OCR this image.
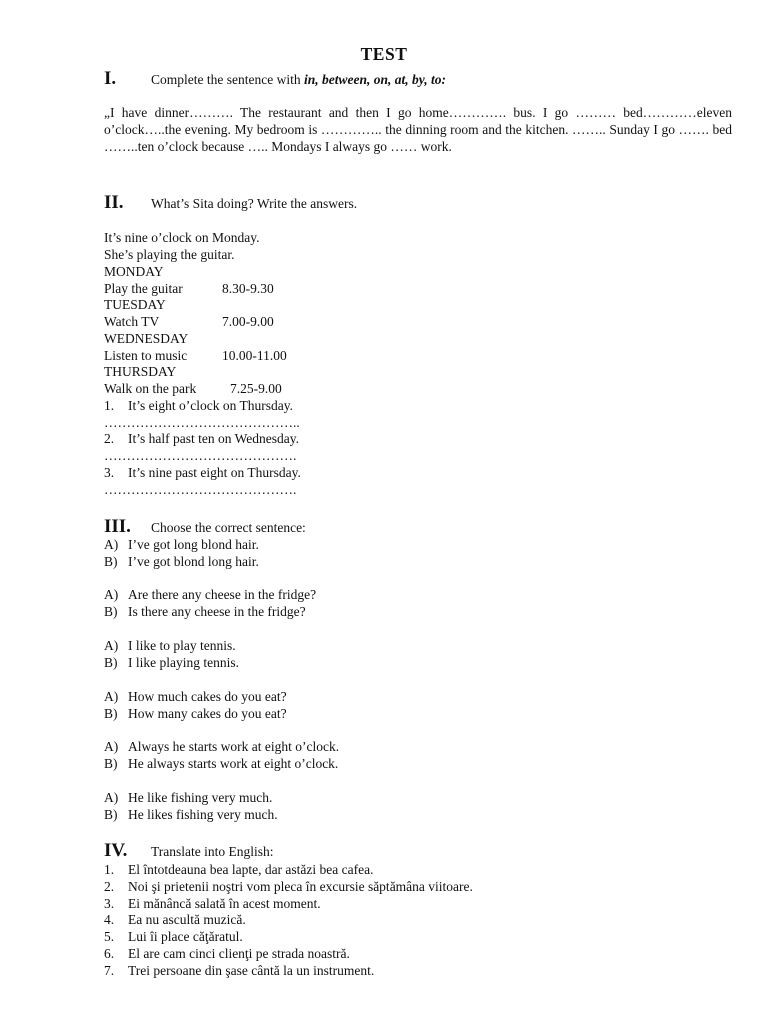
TEST
I.	Complete the sentence with in, between, on, at, by, to:
„I have dinner………. The restaurant and then I go home…………. bus. I go ……… bed…………eleven o’clock…..the evening. My bedroom is ………….. the dinning room and the kitchen. …….. Sunday I go ……. bed ……..ten o’clock because ….. Mondays I always go …… work.
II. What’s Sita doing? Write the answers.
It’s nine o’clock on Monday.
She’s playing the guitar.
MONDAY
Play the guitar	8.30-9.30
TUESDAY
Watch TV	7.00-9.00
WEDNESDAY
Listen to music	10.00-11.00
THURSDAY
Walk on the park 7.25-9.00
1. It’s eight o’clock on Thursday.
……………………………………..
2. It’s half past ten on Wednesday.
…………………………………….
3. It’s nine past eight on Thursday.
…………………………………….
III. Choose the correct sentence:
A) I’ve got long blond hair.
B) I’ve got blond long hair.
A) Are there any cheese in the fridge?
B) Is there any cheese in the fridge?
A) I like to play tennis.
B) I like playing tennis.
A) How much cakes do you eat?
B) How many cakes do you eat?
A) Always he starts work at eight o’clock.
B) He always starts work at eight o’clock.
A) He like fishing very much.
B) He likes fishing very much.
IV. Translate into English:
1. El întotdeauna bea lapte, dar astăzi bea cafea.
2. Noi şi prietenii noştri vom pleca în excursie săptămâna viitoare.
3. Ei mănâncă salată în acest moment.
4. Ea nu ascultă muzică.
5. Lui îi place căţăratul.
6. El are cam cinci clienţi pe strada noastră.
7. Trei persoane din şase cântă la un instrument.
